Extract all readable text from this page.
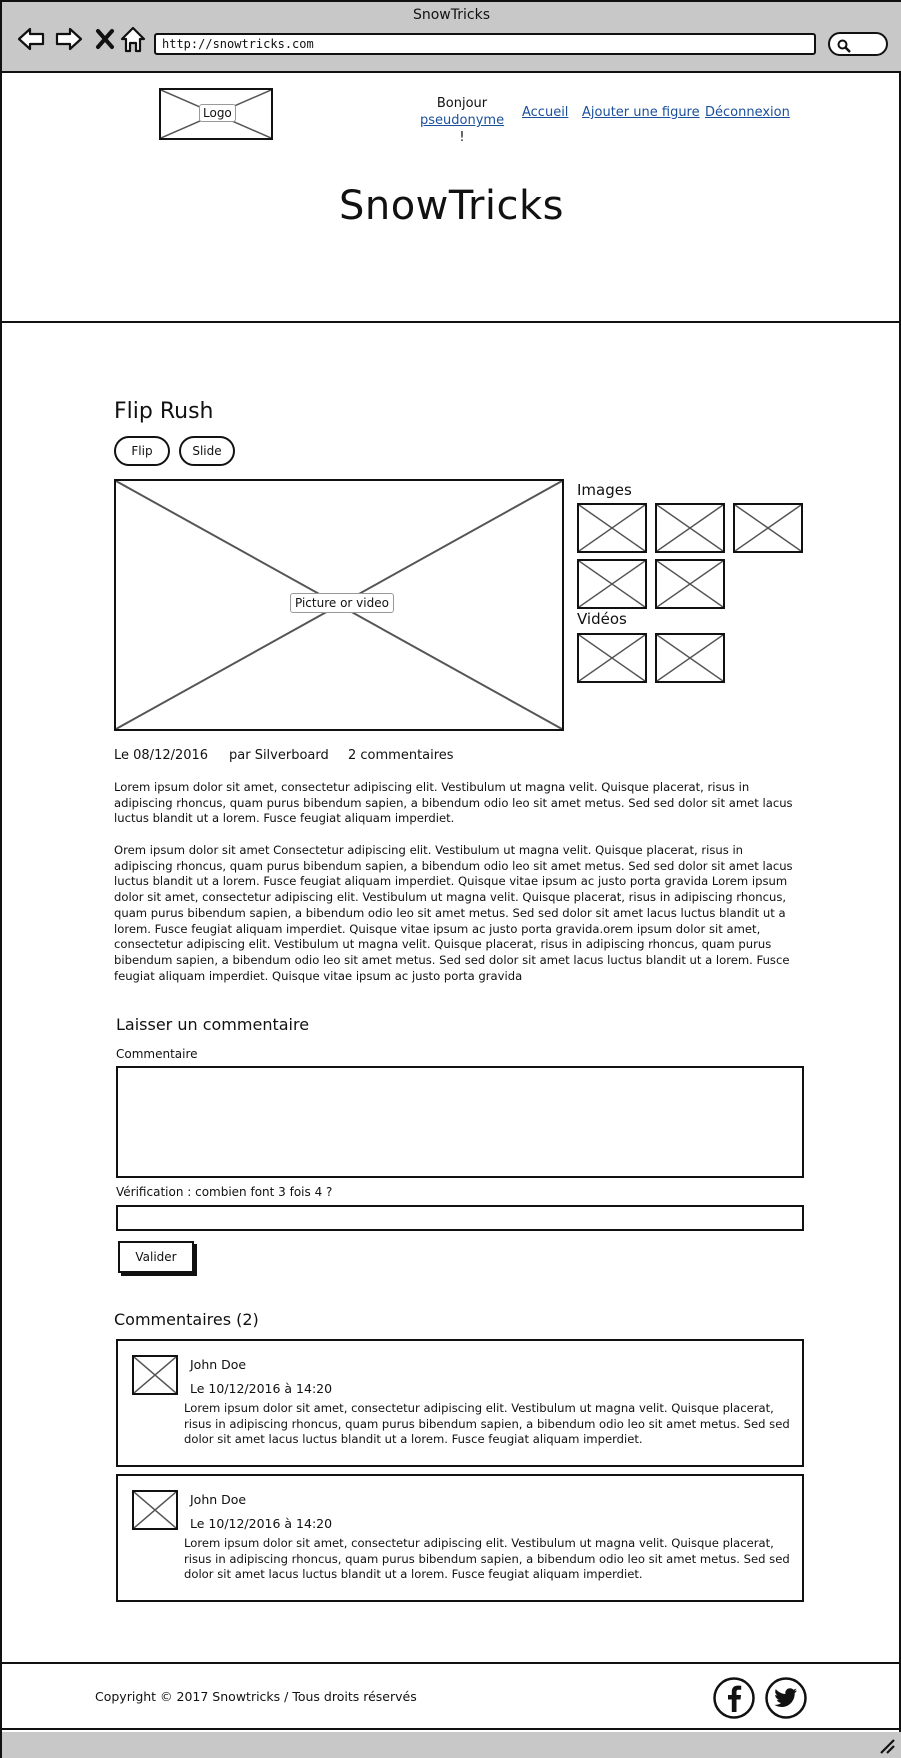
SnowTricks
http://snowtricks.com
Logo
Bonjour
pseudonyme !
Accueil Ajouter une figure Déconnexion
SnowTricks
Flip Rush
Flip	Slide
Picture or video
Images
Vidéos
Le 08/12/2016 par Silverboard 2 commentaires

Lorem ipsum dolor sit amet, consectetur adipiscing elit. Vestibulum ut magna velit. Quisque placerat, risus in adipiscing rhoncus, quam purus bibendum sapien, a bibendum odio leo sit amet metus. Sed sed dolor sit amet lacus luctus blandit ut a lorem. Fusce feugiat aliquam imperdiet.

Orem ipsum dolor sit amet Consectetur adipiscing elit. Vestibulum ut magna velit. Quisque placerat, risus in adipiscing rhoncus, quam purus bibendum sapien, a bibendum odio leo sit amet metus. Sed sed dolor sit amet lacus luctus blandit ut a lorem. Fusce feugiat aliquam imperdiet. Quisque vitae ipsum ac justo porta gravida Lorem ipsum dolor sit amet, consectetur adipiscing elit. Vestibulum ut magna velit. Quisque placerat, risus in adipiscing rhoncus, quam purus bibendum sapien, a bibendum odio leo sit amet metus. Sed sed dolor sit amet lacus luctus blandit ut a lorem. Fusce feugiat aliquam imperdiet. Quisque vitae ipsum ac justo porta gravida.orem ipsum dolor sit amet, consectetur adipiscing elit. Vestibulum ut magna velit. Quisque placerat, risus in adipiscing rhoncus, quam purus bibendum sapien, a bibendum odio leo sit amet metus. Sed sed dolor sit amet lacus luctus blandit ut a lorem. Fusce feugiat aliquam imperdiet. Quisque vitae ipsum ac justo porta gravida

Laisser un commentaire
Commentaire
Vérification : combien font 3 fois 4 ?
Valider
Commentaires (2)
John Doe
Le 10/12/2016 à 14:20

Lorem ipsum dolor sit amet, consectetur adipiscing elit. Vestibulum ut magna velit. Quisque placerat, risus in adipiscing rhoncus, quam purus bibendum sapien, a bibendum odio leo sit amet metus. Sed sed dolor sit amet lacus luctus blandit ut a lorem. Fusce feugiat aliquam imperdiet.

John Doe
Le 10/12/2016 à 14:20

Lorem ipsum dolor sit amet, consectetur adipiscing elit. Vestibulum ut magna velit. Quisque placerat, risus in adipiscing rhoncus, quam purus bibendum sapien, a bibendum odio leo sit amet metus. Sed sed dolor sit amet lacus luctus blandit ut a lorem. Fusce feugiat aliquam imperdiet.

Copyright © 2017 Snowtricks / Tous droits réservés
